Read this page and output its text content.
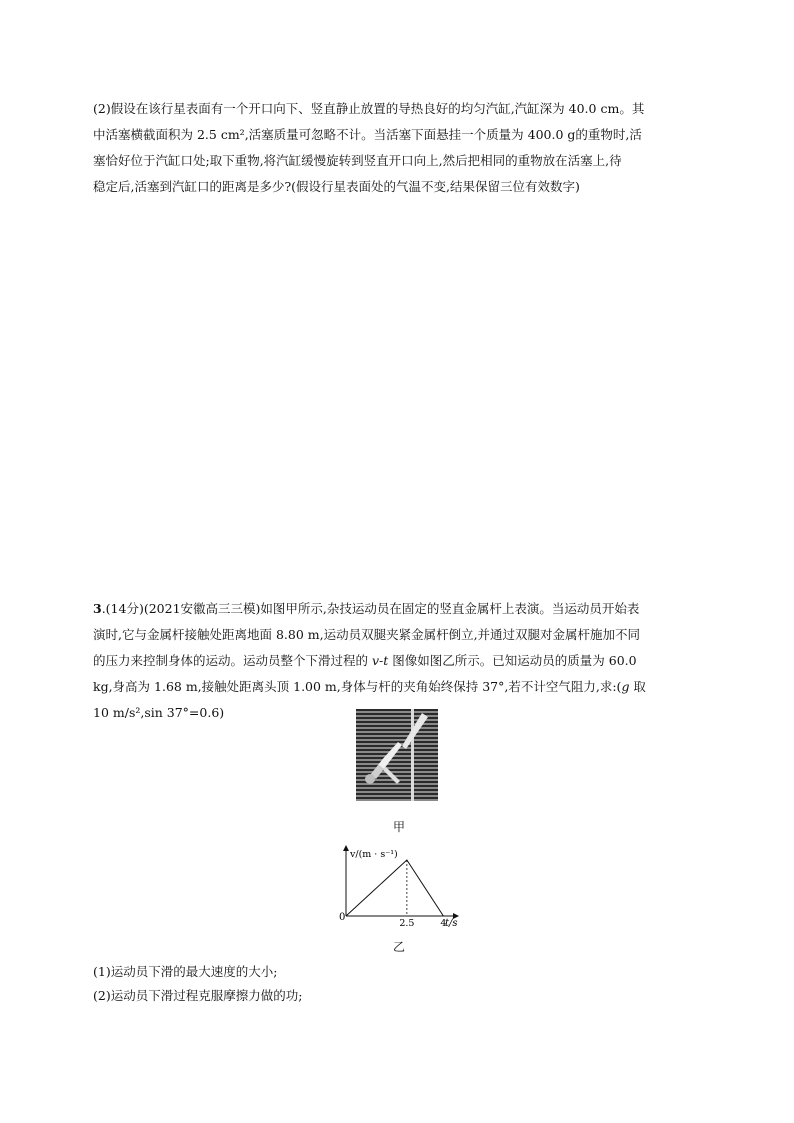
(2)假设在该行星表面有一个开口向下、竖直静止放置的导热良好的均匀汽缸,汽缸深为 40.0 cm。其
中活塞横截面积为 2.5 cm²,活塞质量可忽略不计。当活塞下面悬挂一个质量为 400.0 g的重物时,活
塞恰好位于汽缸口处;取下重物,将汽缸缓慢旋转到竖直开口向上,然后把相同的重物放在活塞上,待
稳定后,活塞到汽缸口的距离是多少?(假设行星表面处的气温不变,结果保留三位有效数字)
3.(14分)(2021安徽高三三模)如图甲所示,杂技运动员在固定的竖直金属杆上表演。当运动员开始表
演时,它与金属杆接触处距离地面 8.80 m,运动员双腿夹紧金属杆倒立,并通过双腿对金属杆施加不同
的压力来控制身体的运动。运动员整个下滑过程的 v-t 图像如图乙所示。已知运动员的质量为 60.0
kg,身高为 1.68 m,接触处距离头顶 1.00 m,身体与杆的夹角始终保持 37°,若不计空气阻力,求:(g 取
10 m/s²,sin 37°=0.6)
甲
v/(m · s⁻¹)
t/s
0
2.5	4
乙

(1)运动员下滑的最大速度的大小;

(2)运动员下滑过程克服摩擦力做的功;
